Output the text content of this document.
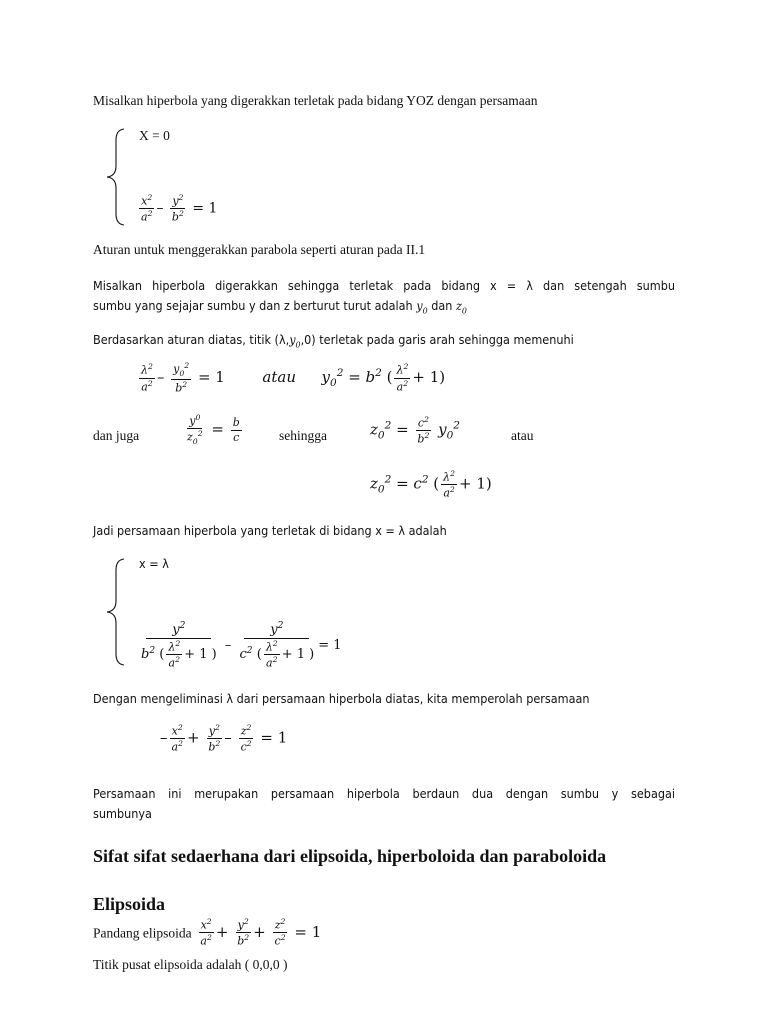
Misalkan hiperbola yang digerakkan terletak pada bidang YOZ dengan persamaan
X = 0
$\frac{x^2}{a^2} - \frac{y^2}{b^2} = 1$
Aturan untuk menggerakkan parabola seperti aturan pada II.1
Misalkan hiperbola digerakkan sehingga terletak pada bidang x = λ dan setengah sumbu
sumbu yang sejajar sumbu y dan z berturut turut adalah $y_0$ dan $z_0$
Berdasarkan aturan diatas, titik $(\lambda,y_0,0)$ terletak pada garis arah sehingga memenuhi
$\frac{\lambda^2}{a^2} - \frac{y_0^2}{b^2} = 1$	atau  $y_0^2 = b^2$ ( $\frac{\lambda^2}{a^2} + 1$)
dan juga	$\frac{y^0}{z_0^2} = \frac{b}{c}$	sehingga	$z_0^2 = \frac{c^2}{b^2} y_0^2$
atau
$z_0^2 = c^2$ ( $\frac{\lambda^2}{a^2} + 1$)
Jadi persamaan hiperbola yang terletak di bidang x = λ adalah
x = λ
$\frac{y^2}{b^2 ( \frac{\lambda^2}{a^2} + 1 )} - \frac{y^2}{c^2 ( \frac{\lambda^2}{a^2} + 1 )} = 1$
Dengan mengeliminasi λ dari persamaan hiperbola diatas, kita memperolah persamaan
– $\frac{x^2}{a^2} + \frac{y^2}{b^2} - \frac{z^2}{c^2} = 1$
Persamaan ini merupakan persamaan hiperbola berdaun dua dengan sumbu y sebagai
sumbunya
Sifat sifat sedaerhana dari elipsoida, hiperboloida dan paraboloida
Elipsoida
Pandang elipsoida $\frac{x^2}{a^2} + \frac{y^2}{b^2} + \frac{z^2}{c^2} = 1$
Titik pusat elipsoida adalah ( 0,0,0 )
